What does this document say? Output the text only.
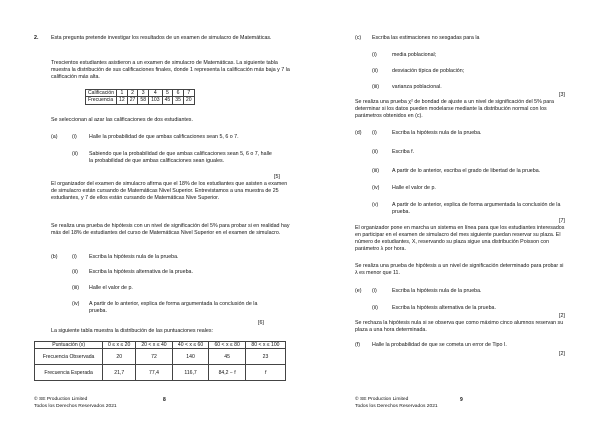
2. Esta pregunta pretende investigar los resultados de un examen de simulacro de Matemáticas.

Trescientos estudiantes asistieron a un examen de simulacro de Matemáticas. La siguiente tabla muestra la distribución de sus calificaciones finales, donde 1 representa la calificación más baja y 7 la calificación más alta.

Calificación	1	2	3	4	5	6	7
Frecuencia	12	27	58	103	45	35	20

Se seleccionan al azar las calificaciones de dos estudiantes.

(a)	(i) Halle la probabilidad de que ambas calificaciones sean 5, 6 o 7.

(ii) Sabiendo que la probabilidad de que ambas calificaciones sean 5, 6 o 7, halle la probabilidad de que ambas calificaciones sean iguales.

[5]

El organizador del examen de simulacro afirma que el 18% de los estudiantes que asisten a examen de simulacro están cursando de Matemáticas Nivel Superior. Entrevistamos a una muestra de 25 estudiantes, y 7 de ellos están cursando de Matemáticas Nive Superior.

Se realiza una prueba de hipótesis con un nivel de significación del 5% para probar si en realidad hay más del 18% de estudiantes del curso de Matemáticas Nivel Superior en el examen de simulacro.

(b)	(i) Escriba la hipótesis nula de la prueba.

(ii) Escriba la hipótesis alternativa de la prueba.

(iii) Halle el valor de p.

(iv) A partir de lo anterior, explica de forma argumentada la conclusión de la prueba.

[6]

La siguiente tabla muestra la distribución de las puntuaciones reales:

Puntuación (x)	0 ≤ x ≤ 20	20 < x ≤ 40	40 < x ≤ 60	60 < x ≤ 80	80 < x ≤ 100
Frecuencia Observada	20	72	140	45	23
Frecuencia Esperada	21,7	77,4	116,7	84,2 − f	f
© SE Production Limited
Todos los Derechos Reservados 2021
8
(c) Escriba las estimaciones no sesgadas para la

(i)	media poblacional;

(ii)	desviación típica de población;

(iii) varianza poblacional.

[3]

Se realiza una prueba χ² de bondad de ajuste a un nivel de significación del 5% para determinar si los datos pueden modelarse mediante la distribución normal con los parámetros obtenidos en (c).

(d) (i)	Escriba la hipótesis nula de la prueba.

(ii)	Escriba f.

(iii) A partir de lo anterior, escriba el grado de libertad de la prueba.

(iv) Halle el valor de p.

(v)	A partir de lo anterior, explica de forma argumentada la conclusión de la prueba.

[7]

El organizador pone en marcha un sistema en línea para que los estudiantes interesados en participar en el examen de simulacro del mes siguiente puedan reservar su plaza. El número de estudiantes, X, reservando su plaza sigue una distribución Poisson con parámetro λ por hora.

Se realiza una prueba de hipótesis a un nivel de significación determinado para probar si λ es menor que 11.

(e) (i)	Escriba la hipótesis nula de la prueba.

(ii)	Escriba la hipótesis alternativa de la prueba.

[2]

Se rechaza la hipótesis nula si se observa que como máximo cinco alumnos reservan su plaza a una hora determinada.

(f) Halle la probabilidad de que se cometa un error de Tipo I.

[2]
© SE Production Limited
Todos los Derechos Reservados 2021
9
